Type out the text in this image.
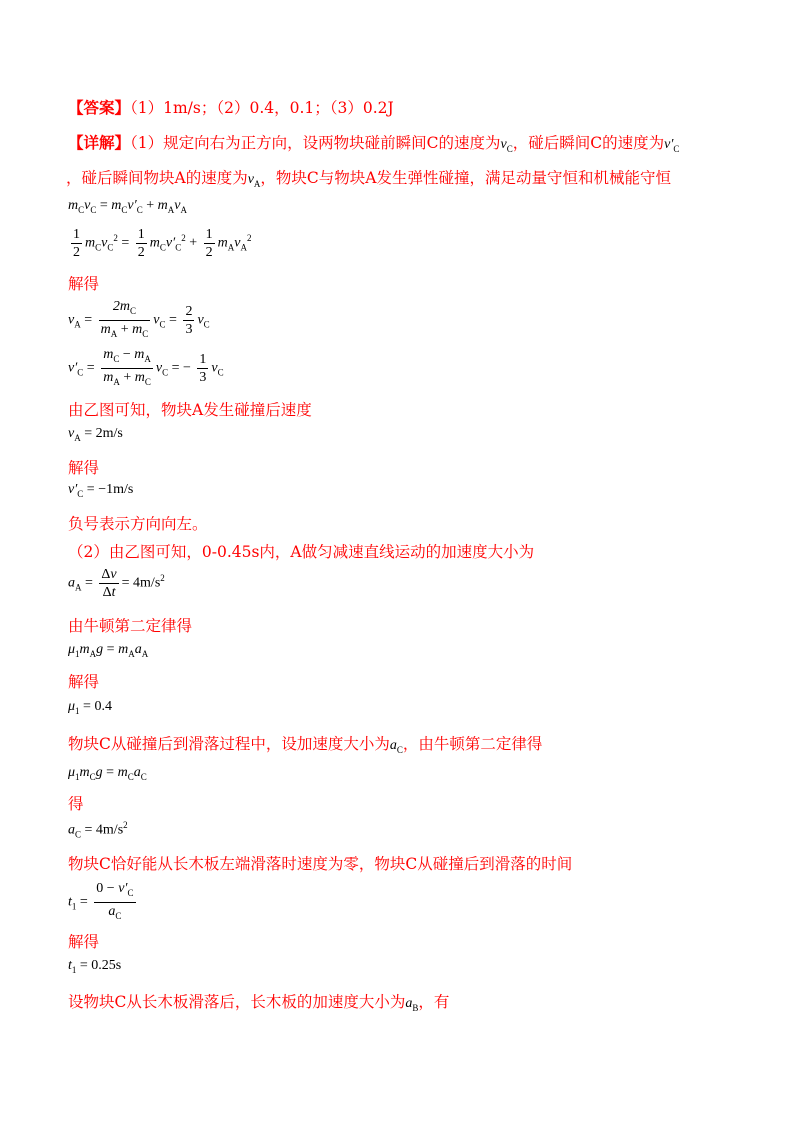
【答案】（1）1m/s；（2）0.4，0.1；（3）0.2J
【详解】（1）规定向右为正方向，设两物块碰前瞬间C的速度为$v_C$，碰后瞬间C的速度为$v'_C$
，碰后瞬间物块A的速度为$v_A$，物块C与物块A发生弹性碰撞，满足动量守恒和机械能守恒
$m_Cv_C = m_Cv'_C + m_Av_A$
$\frac{1}{2} m_Cv_C^2 = \frac{1}{2} m_Cv'_C^2 + \frac{1}{2} m_Av_A^2$
解得
$v_A = \frac{2m_C}{m_A + m_C} v_C = \frac{2}{3} v_C$
$v'_C = \frac{m_C - m_A}{m_A + m_C} v_C$ = − $\frac{1}{3} v_C$
由乙图可知，物块A发生碰撞后速度
$v_A = 2m/s$
解得
$v'_C = -1m/s$
负号表示方向向左。
（2）由乙图可知，0-0.45s内，A做匀减速直线运动的加速度大小为
$a_A = \frac{\Delta v}{\Delta t} = 4m/s^2$
由牛顿第二定律得
$\mu_1m_Ag = m_Aa_A$
解得
$\mu_1 = 0.4$
物块C从碰撞后到滑落过程中，设加速度大小为$a_C$，由牛顿第二定律得
$\mu_1m_Cg = m_Ca_C$
得
$a_C = 4m/s^2$
物块C恰好能从长木板左端滑落时速度为零，物块C从碰撞后到滑落的时间
$t_1 = \frac{0 - v'_C}{a_C}$
解得
$t_1 = 0.25s$
设物块C从长木板滑落后，长木板的加速度大小为$a_B$，有
